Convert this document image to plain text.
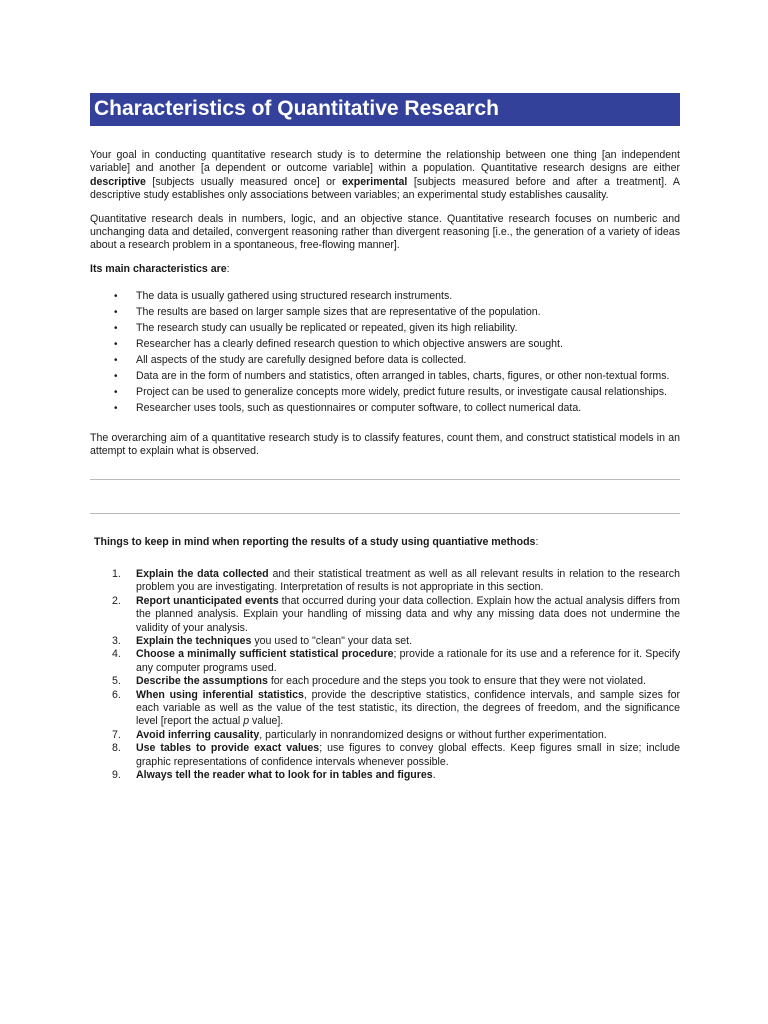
Characteristics of Quantitative Research

Your goal in conducting quantitative research study is to determine the relationship between one thing [an independent variable] and another [a dependent or outcome variable] within a population. Quantitative research designs are either descriptive [subjects usually measured once] or experimental [subjects measured before and after a treatment]. A descriptive study establishes only associations between variables; an experimental study establishes causality.

Quantitative research deals in numbers, logic, and an objective stance. Quantitative research focuses on numberic and unchanging data and detailed, convergent reasoning rather than divergent reasoning [i.e., the generation of a variety of ideas about a research problem in a spontaneous, free-flowing manner].

Its main characteristics are:

• The data is usually gathered using structured research instruments.
• The results are based on larger sample sizes that are representative of the population.
• The research study can usually be replicated or repeated, given its high reliability.
• Researcher has a clearly defined research question to which objective answers are sought.
• All aspects of the study are carefully designed before data is collected.
• Data are in the form of numbers and statistics, often arranged in tables, charts, figures, or other non-textual forms.
• Project can be used to generalize concepts more widely, predict future results, or investigate causal relationships.
• Researcher uses tools, such as questionnaires or computer software, to collect numerical data.

The overarching aim of a quantitative research study is to classify features, count them, and construct statistical models in an attempt to explain what is observed.

Things to keep in mind when reporting the results of a study using quantiative methods:
1. Explain the data collected and their statistical treatment as well as all relevant results in relation to the research problem you are investigating. Interpretation of results is not appropriate in this section.
2. Report unanticipated events that occurred during your data collection. Explain how the actual analysis differs from the planned analysis. Explain your handling of missing data and why any missing data does not undermine the validity of your analysis.
3. Explain the techniques you used to "clean" your data set.
4. Choose a minimally sufficient statistical procedure; provide a rationale for its use and a reference for it. Specify any computer programs used.
5. Describe the assumptions for each procedure and the steps you took to ensure that they were not violated.
6. When using inferential statistics, provide the descriptive statistics, confidence intervals, and sample sizes for each variable as well as the value of the test statistic, its direction, the degrees of freedom, and the significance level [report the actual p value].
7. Avoid inferring causality, particularly in nonrandomized designs or without further experimentation.
8. Use tables to provide exact values; use figures to convey global effects. Keep figures small in size; include graphic representations of confidence intervals whenever possible.
9. Always tell the reader what to look for in tables and figures.
